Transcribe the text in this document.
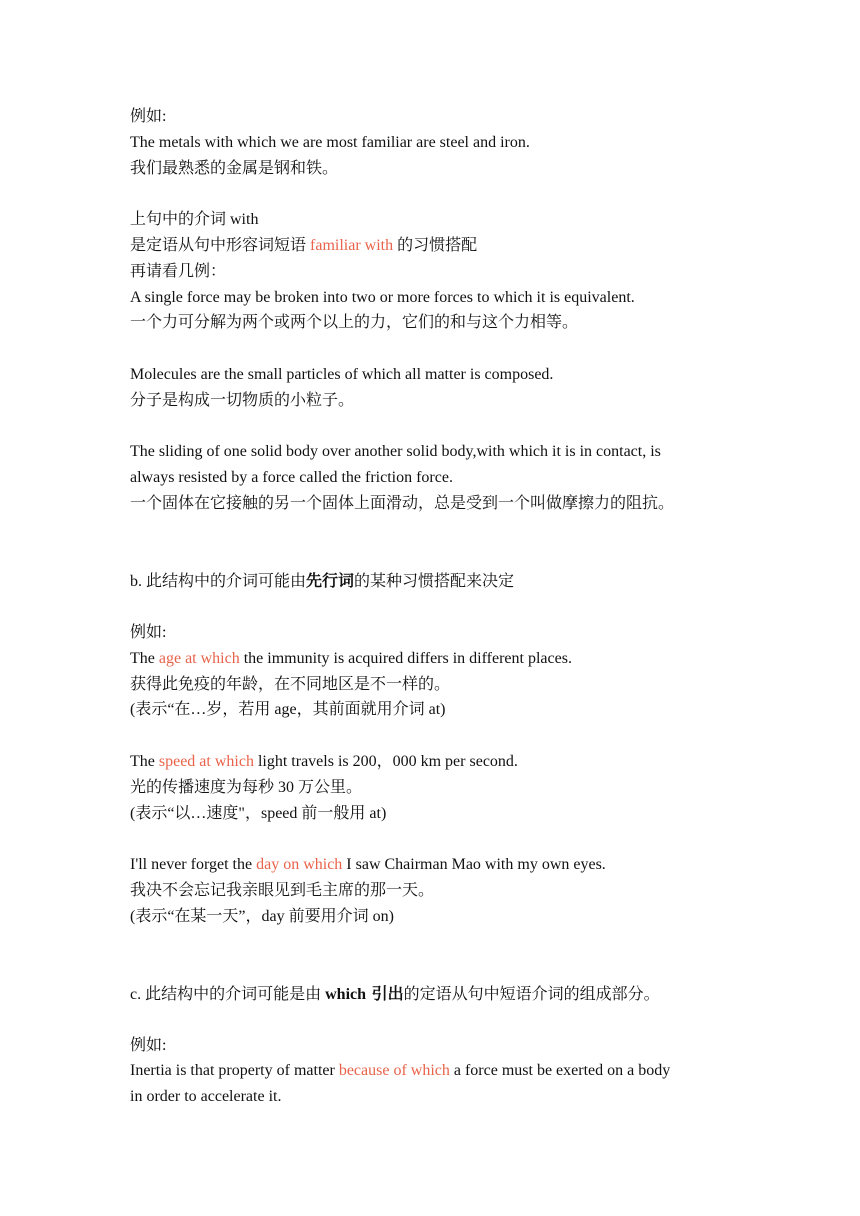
例如:
The metals with which we are most familiar are steel and iron.
我们最熟悉的金属是钢和铁。
上句中的介词 with
是定语从句中形容词短语 familiar with 的习惯搭配
再请看几例：
A single force may be broken into two or more forces to which it is equivalent.
一个力可分解为两个或两个以上的力，它们的和与这个力相等。
Molecules are the small particles of which all matter is composed.
分子是构成一切物质的小粒子。
The sliding of one solid body over another solid body,with which it is in contact, is
always resisted by a force called the friction force.
一个固体在它接触的另一个固体上面滑动，总是受到一个叫做摩擦力的阻抗。
b. 此结构中的介词可能由先行词的某种习惯搭配来决定
例如:
The age at which the immunity is acquired differs in different places.
获得此免疫的年龄，在不同地区是不一样的。
(表示“在…岁，若用 age，其前面就用介词 at)
The speed at which light travels is 200，000 km per second.
光的传播速度为每秒 30 万公里。
(表示“以…速度"，speed 前一般用 at)
I'll never forget the day on which I saw Chairman Mao with my own eyes.
我决不会忘记我亲眼见到毛主席的那一天。
(表示“在某一天”，day 前要用介词 on)
c. 此结构中的介词可能是由 which 引出的定语从句中短语介词的组成部分。
例如:
Inertia is that property of matter because of which a force must be exerted on a body
in order to accelerate it.
